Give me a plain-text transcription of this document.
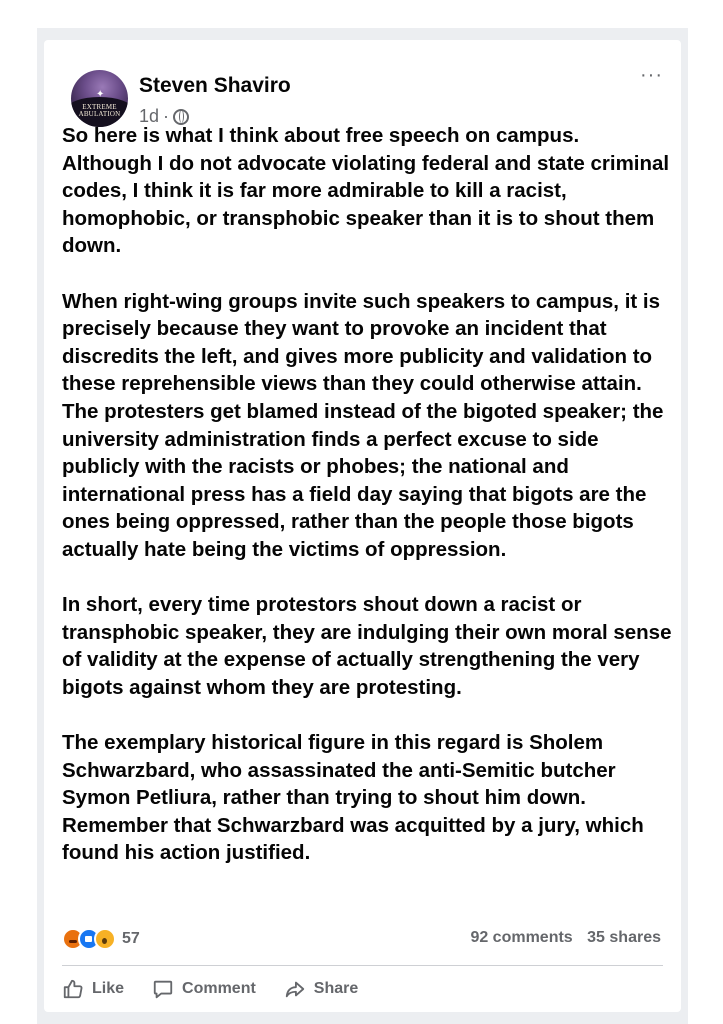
✦
EXTREME
ABULATION
Steven Shaviro
1d ·
···

So here is what I think about free speech on campus. Although I do not advocate violating federal and state criminal codes, I think it is far more admirable to kill a racist, homophobic, or transphobic speaker than it is to shout them down.

When right-wing groups invite such speakers to campus, it is precisely because they want to provoke an incident that discredits the left, and gives more publicity and validation to these reprehensible views than they could otherwise attain. The protesters get blamed instead of the bigoted speaker; the university administration finds a perfect excuse to side publicly with the racists or phobes; the national and international press has a field day saying that bigots are the ones being oppressed, rather than the people those bigots actually hate being the victims of oppression.

In short, every time protestors shout down a racist or transphobic speaker, they are indulging their own moral sense of validity at the expense of actually strengthening the very bigots against whom they are protesting.

The exemplary historical figure in this regard is Sholem Schwarzbard, who assassinated the anti-Semitic butcher Symon Petliura, rather than trying to shout him down. Remember that Schwarzbard was acquitted by a jury, which found his action justified.

57	92 comments 35 shares
Like	Comment	Share
